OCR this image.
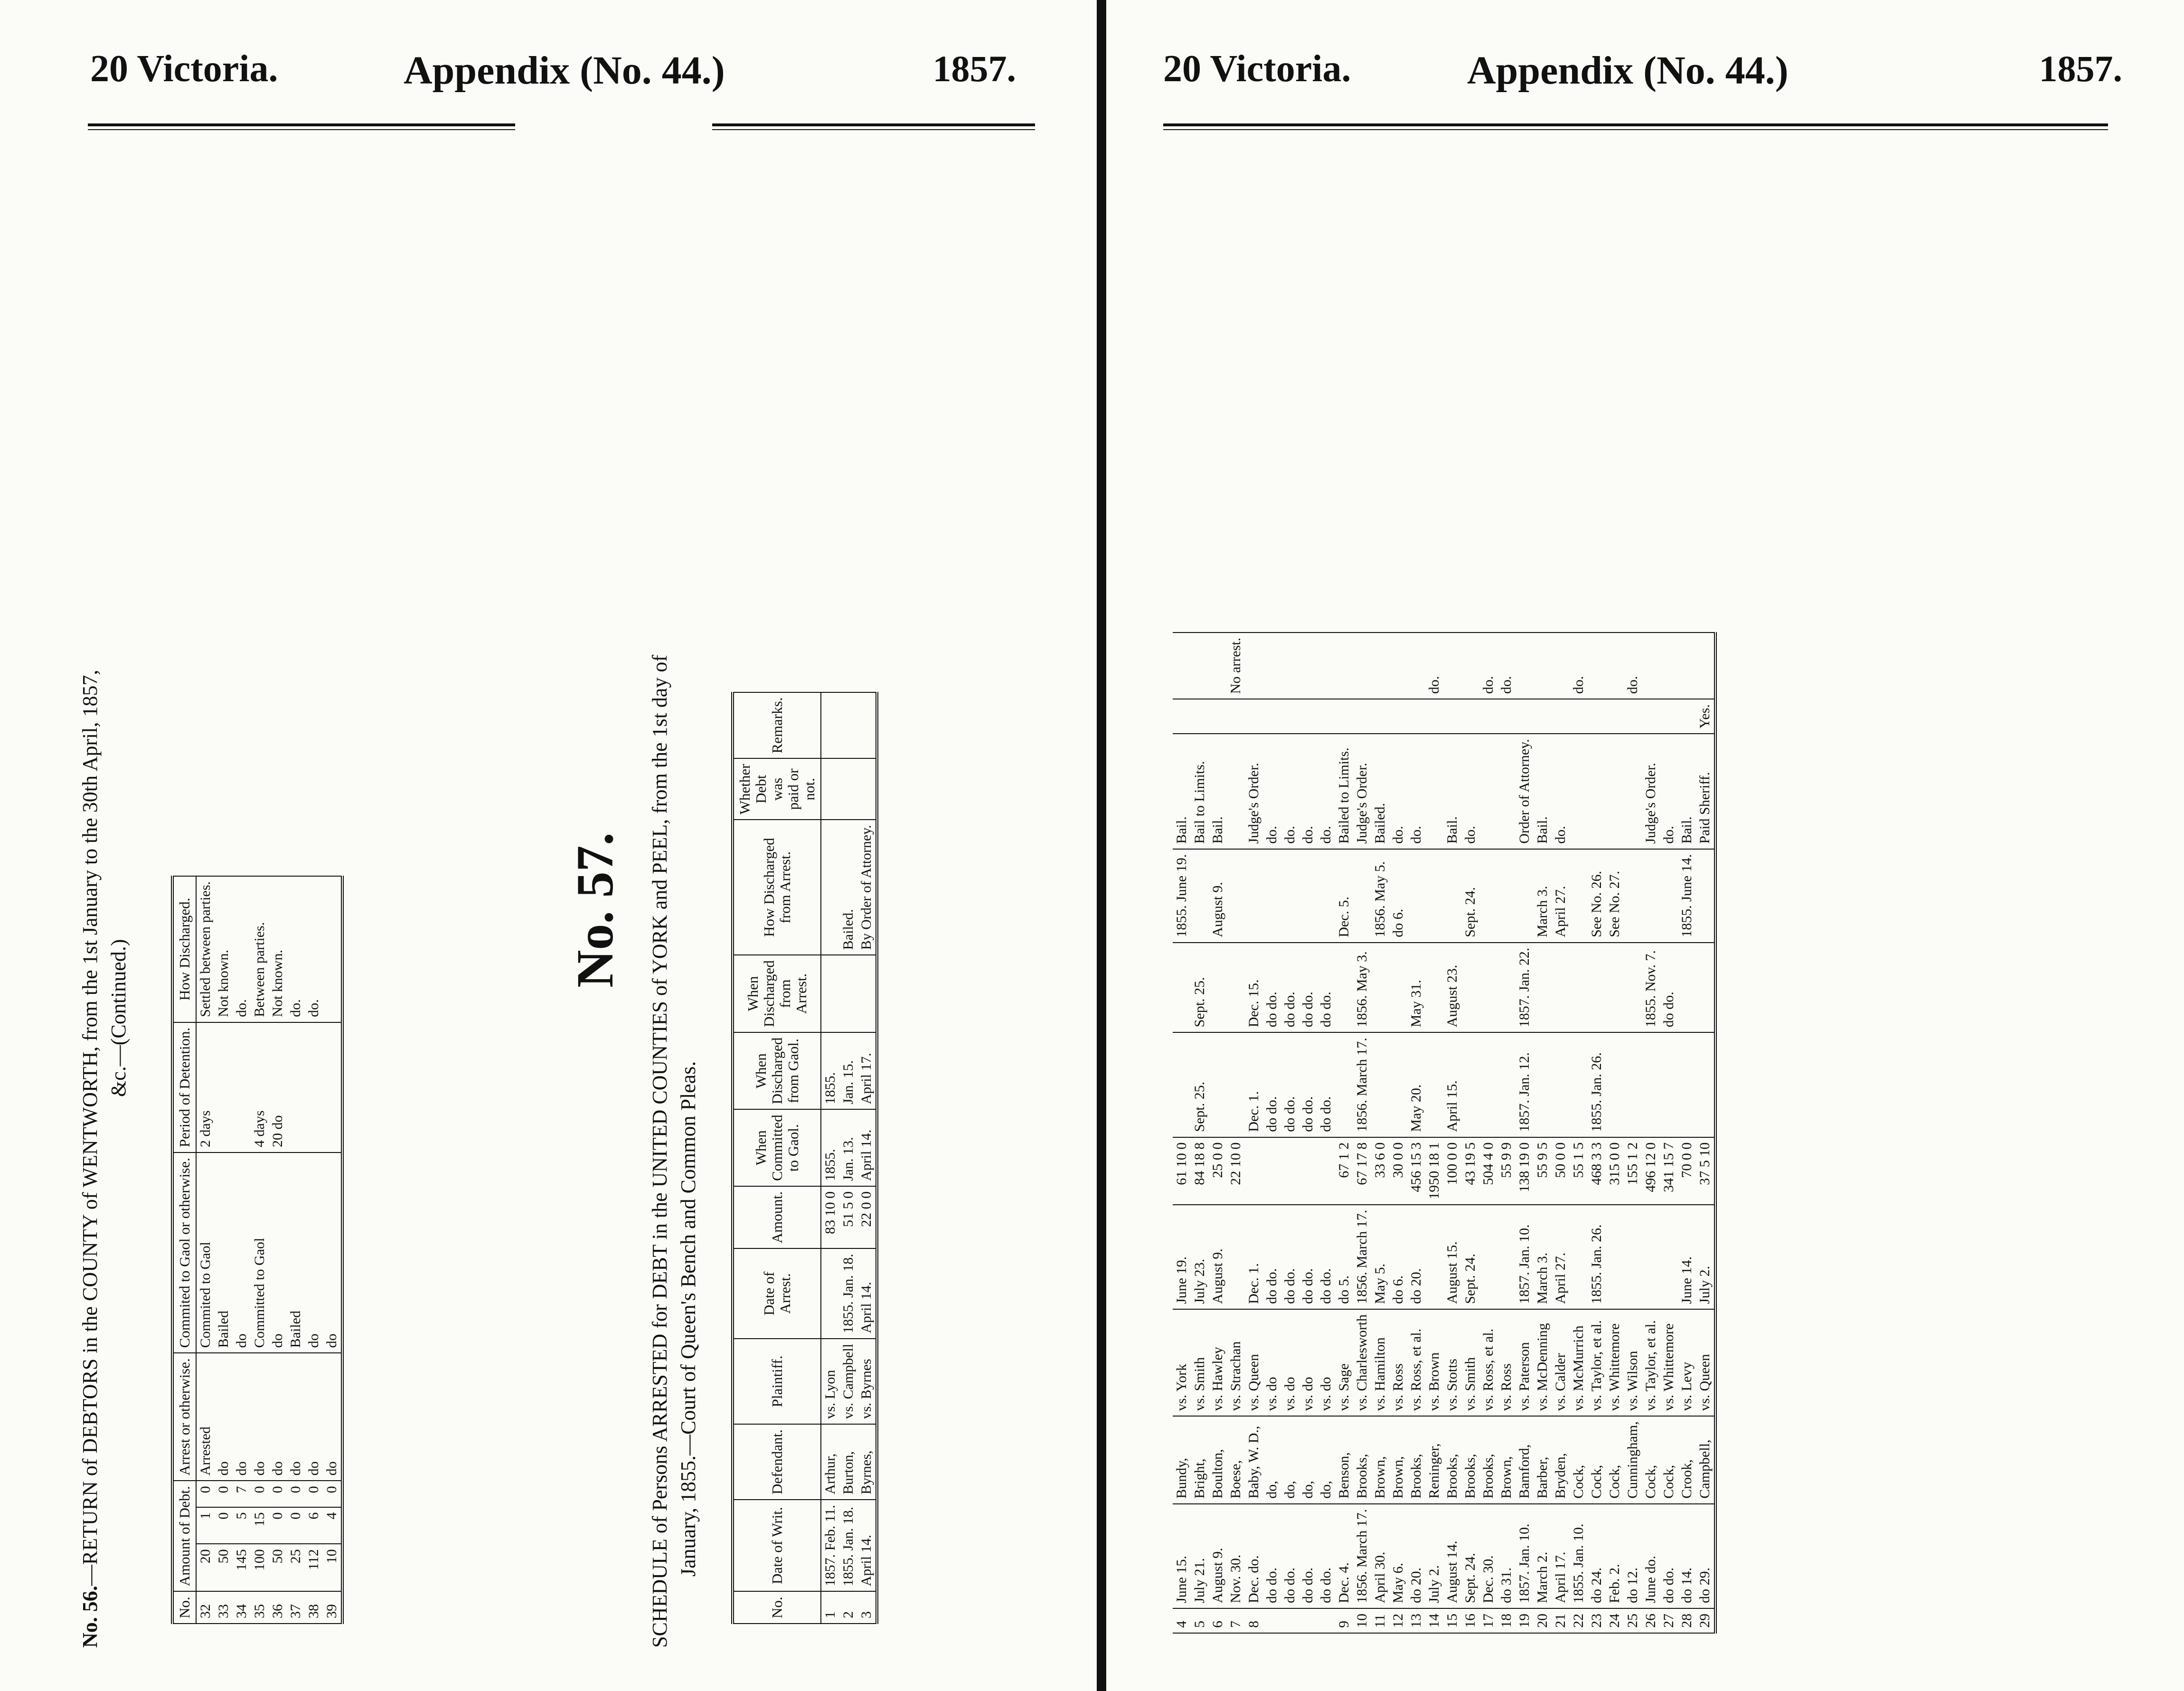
20 Victoria.	Appendix (No. 44.)	1857.
No. 56.—RETURN of DEBTORS in the COUNTY of WENTWORTH, from the 1st January to the 30th April, 1857, &c.—(Continued.)
No.	Amount of Debt.			Arrest or otherwise.	Commited to Gaol or otherwise.	Period of Detention.	How Discharged.
32	20	1	0	Arrested	Commited to Gaol	2 days	Settled between parties.
33	50	0	0	do	Bailed		Not known.
34	145	5	7	do	do		do.
35	100	15	0	do	Committed to Gaol	4 days	Between parties.
36	50	0	0	do	do	20 do	Not known.
37	25	0	0	do	Bailed		do.
38	112	6	0	do	do		do.
39	10	4	0	do	do		
No. 57. SCHEDULE of Persons ARRESTED for DEBT in the UNITED COUNTIES of YORK and PEEL, from the 1st day of January, 1855.—Court of Queen's Bench and Common Pleas.
No.	Date of Writ.	Defendant.	Plaintiff.	Date of Arrest.	Amount.	When Committed to Gaol.	When Discharged from Gaol.	When Discharged from Arrest.	How Discharged from Arrest.	Whether Debt was paid or not.	Remarks.
1	1857. Feb. 11.	Arthur,	vs. Lyon		83 10 0	1855.	1855.				
2	1855. Jan. 18.	Burton,	vs. Campbell	1855. Jan. 18.	51 5 0	Jan. 13.	Jan. 15.		Bailed.		
3	April 14.	Byrnes,	vs. Byrnes	April 14.	22 0 0	April 14.	April 17.		By Order of Attorney.		
20 Victoria.	Appendix (No. 44.)	1857.
4	June 15.	Bundy,	vs. York	June 19.	61 10 0			1855. June 19.	Bail.		
5	July 21.	Bright,	vs. Smith	July 23.	84 18 8	Sept. 25.	Sept. 25.		Bail to Limits.		
6	August 9.	Boulton,	vs. Hawley	August 9.	25 0 0			August 9.	Bail.		
7	Nov. 30.	Boese,	vs. Strachan		22 10 0						No arrest.
8	Dec. do.	Baby, W. D.,	vs. Queen	Dec. 1.		Dec. 1.	Dec. 15.		Judge's Order.		
	do do.	do,	vs. do	do do.		do do.	do do.		do.		
	do do.	do,	vs. do	do do.		do do.	do do.		do.		
	do do.	do,	vs. do	do do.		do do.	do do.		do.		
	do do.	do,	vs. do	do do.		do do.	do do.		do.		
9	Dec. 4.	Benson,	vs. Sage	do 5.	67 1 2			Dec. 5.	Bailed to Limits.		
10	1856. March 17.	Brooks,	vs. Charlesworth	1856. March 17.	67 17 8	1856. March 17.	1856. May 3.		Judge's Order.		
11	April 30.	Brown,	vs. Hamilton	May 5.	33 6 0			1856. May 5.	Bailed.		
12	May 6.	Brown,	vs. Ross	do 6.	30 0 0			do 6.	do.		
13	do 20.	Brooks,	vs. Ross, et al.	do 20.	456 15 3	May 20.	May 31.		do.		
14	July 2.	Reninger,	vs. Brown		1950 18 1						do.
15	August 14.	Brooks,	vs. Stotts	August 15.	100 0 0	April 15.	August 23.		Bail.		
16	Sept. 24.	Brooks,	vs. Smith	Sept. 24.	43 19 5			Sept. 24.	do.		
17	Dec. 30.	Brooks,	vs. Ross, et al.		504 4 0						do.
18	do 31.	Brown,	vs. Ross		55 9 9						do.
19	1857. Jan. 10.	Bamford,	vs. Paterson	1857. Jan. 10.	138 19 0	1857. Jan. 12.	1857. Jan. 22.		Order of Attorney.		
20	March 2.	Barber,	vs. McDenning	March 3.	55 9 5			March 3.	Bail.		
21	April 17.	Bryden,	vs. Calder	April 27.	50 0 0			April 27.	do.		
22	1855. Jan. 10.	Cock,	vs. McMurrich		55 1 5						do.
23	do 24.	Cock,	vs. Taylor, et al.	1855. Jan. 26.	468 3 3	1855. Jan. 26.		See No. 26.			
24	Feb. 2.	Cock,	vs. Whittemore		315 0 0			See No. 27.			
25	do 12.	Cunningham,	vs. Wilson		155 1 2						do.
26	June do.	Cock,	vs. Taylor, et al.		496 12 0		1855. Nov. 7.		Judge's Order.		
27	do do.	Cock,	vs. Whittemore		341 15 7		do do.		do.		
28	do 14.	Crook,	vs. Levy	June 14.	70 0 0			1855. June 14.	Bail.		
29	do 29.	Campbell,	vs. Queen	July 2.	37 5 10				Paid Sheriff.	Yes.	
